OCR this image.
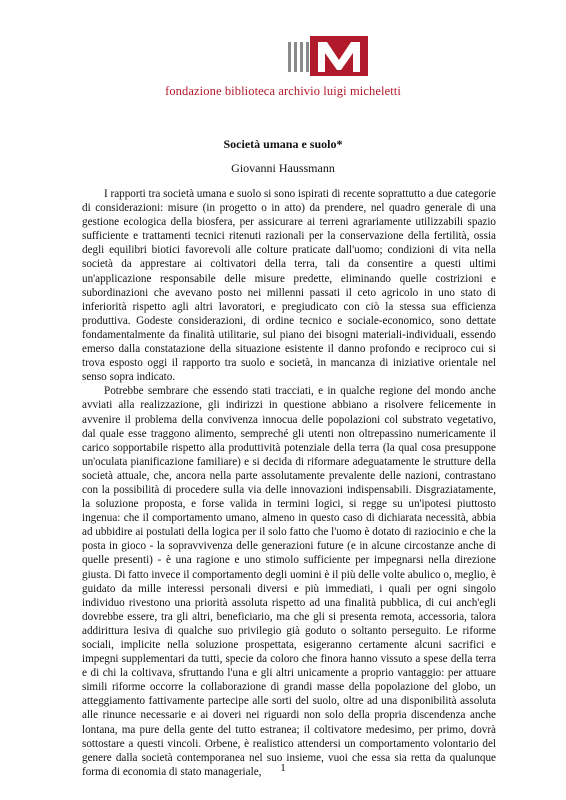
fondazione biblioteca archivio luigi micheletti
Società umana e suolo*
Giovanni Haussmann

I rapporti tra società umana e suolo si sono ispirati di recente soprattutto a due categorie di considerazioni: misure (in progetto o in atto) da prendere, nel quadro generale di una gestione ecologica della biosfera, per assicurare ai terreni agrariamente utilizzabili spazio sufficiente e trattamenti tecnici ritenuti razionali per la conservazione della fertilità, ossia degli equilibri biotici favorevoli alle colture praticate dall'uomo; condizioni di vita nella società da apprestare ai coltivatori della terra, tali da consentire a questi ultimi un'applicazione responsabile delle misure predette, eliminando quelle costrizioni e subordinazioni che avevano posto nei millenni passati il ceto agricolo in uno stato di inferiorità rispetto agli altri lavoratori, e pregiudicato con ciò la stessa sua efficienza produttiva. Godeste considerazioni, di ordine tecnico e sociale-economico, sono dettate fondamentalmente da finalità utilitarie, sul piano dei bisogni materiali-individuali, essendo emerso dalla constatazione della situazione esistente il danno profondo e reciproco cui si trova esposto oggi il rapporto tra suolo e società, in mancanza di iniziative orientale nel senso sopra indicato.

Potrebbe sembrare che essendo stati tracciati, e in qualche regione del mondo anche avviati alla realizzazione, gli indirizzi in questione abbiano a risolvere felicemente in avvenire il problema della convivenza innocua delle popolazioni col substrato vegetativo, dal quale esse traggono alimento, sempreché gli utenti non oltrepassino numericamente il carico sopportabile rispetto alla produttività potenziale della terra (la qual cosa presuppone un'oculata pianificazione familiare) e si decida di riformare adeguatamente le strutture della società attuale, che, ancora nella parte assolutamente prevalente delle nazioni, contrastano con la possibilità di procedere sulla via delle innovazioni indispensabili. Disgraziatamente, la soluzione proposta, e forse valida in termini logici, si regge su un'ipotesi piuttosto ingenua: che il comportamento umano, almeno in questo caso di dichiarata necessità, abbia ad ubbidire ai postulati della logica per il solo fatto che l'uomo è dotato di raziocinio e che la posta in gioco - la sopravvivenza delle generazioni future (e in alcune circostanze anche di quelle presenti) - è una ragione e uno stimolo sufficiente per impegnarsi nella direzione giusta. Di fatto invece il comportamento degli uomini è il più delle volte abulico o, meglio, è guidato da mille interessi personali diversi e più immediati, i quali per ogni singolo individuo rivestono una priorità assoluta rispetto ad una finalità pubblica, di cui anch'egli dovrebbe essere, tra gli altri, beneficiario, ma che gli si presenta remota, accessoria, talora addirittura lesiva di qualche suo privilegio già goduto o soltanto perseguito. Le riforme sociali, implicite nella soluzione prospettata, esigeranno certamente alcuni sacrifici e impegni supplementari da tutti, specie da coloro che finora hanno vissuto a spese della terra e di chi la coltivava, sfruttando l'una e gli altri unicamente a proprio vantaggio: per attuare simili riforme occorre la collaborazione di grandi masse della popolazione del globo, un atteggiamento fattivamente partecipe alle sorti del suolo, oltre ad una disponibilità assoluta alle rinunce necessarie e ai doveri nei riguardi non solo della propria discendenza anche lontana, ma pure della gente del tutto estranea; il coltivatore medesimo, per primo, dovrà sottostare a questi vincoli. Orbene, è realistico attendersi un comportamento volontario del genere dalla società contemporanea nel suo insieme, vuoi che essa sia retta da qualunque forma di economia di stato manageriale,	1
